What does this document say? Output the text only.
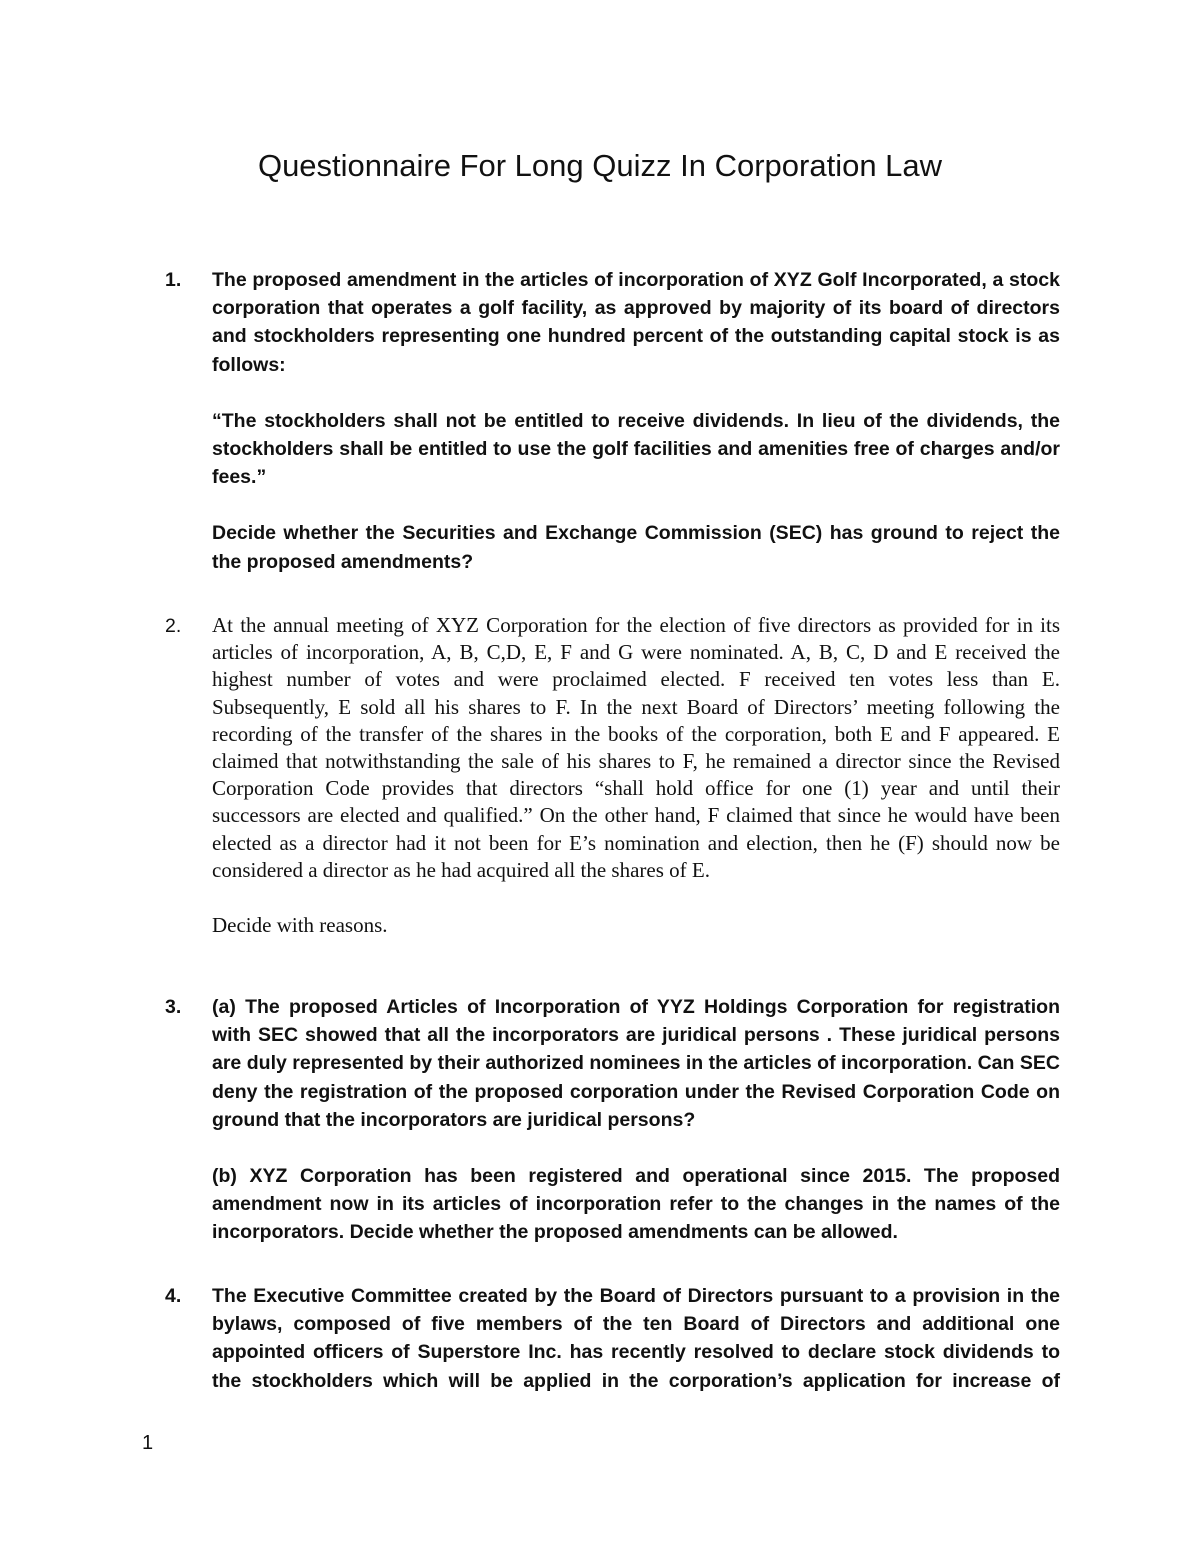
Questionnaire For Long Quizz In Corporation Law
1.	The proposed amendment in the articles of incorporation of XYZ Golf Incorporated, a stock corporation that operates a golf facility, as approved by majority of its board of directors and stockholders representing one hundred percent of the outstanding capital stock is as follows:

“The stockholders shall not be entitled to receive dividends. In lieu of the dividends, the stockholders shall be entitled to use the golf facilities and amenities free of charges and/or fees.”

Decide whether the Securities and Exchange Commission (SEC) has ground to reject the the proposed amendments?

2.	At the annual meeting of XYZ Corporation for the election of five directors as provided for in its articles of incorporation, A, B, C,D, E, F and G were nominated. A, B, C, D and E received the highest number of votes and were proclaimed elected. F received ten votes less than E. Subsequently, E sold all his shares to F. In the next Board of Directors’ meeting following the recording of the transfer of the shares in the books of the corporation, both E and F appeared. E claimed that notwithstanding the sale of his shares to F, he remained a director since the Revised Corporation Code provides that directors “shall hold office for one (1) year and until their successors are elected and qualified.” On the other hand, F claimed that since he would have been elected as a director had it not been for E’s nomination and election, then he (F) should now be considered a director as he had acquired all the shares of E.

Decide with reasons.

3.	(a) The proposed Articles of Incorporation of YYZ Holdings Corporation for registration with SEC showed that all the incorporators are juridical persons . These juridical persons are duly represented by their authorized nominees in the articles of incorporation. Can SEC deny the registration of the proposed corporation under the Revised Corporation Code on ground that the incorporators are juridical persons?

(b) XYZ Corporation has been registered and operational since 2015. The proposed amendment now in its articles of incorporation refer to the changes in the names of the incorporators. Decide whether the proposed amendments can be allowed.

4.	The Executive Committee created by the Board of Directors pursuant to a provision in the bylaws, composed of five members of the ten Board of Directors and additional one appointed officers of Superstore Inc. has recently resolved to declare stock dividends to the stockholders which will be applied in the corporation’s application for increase of

1
